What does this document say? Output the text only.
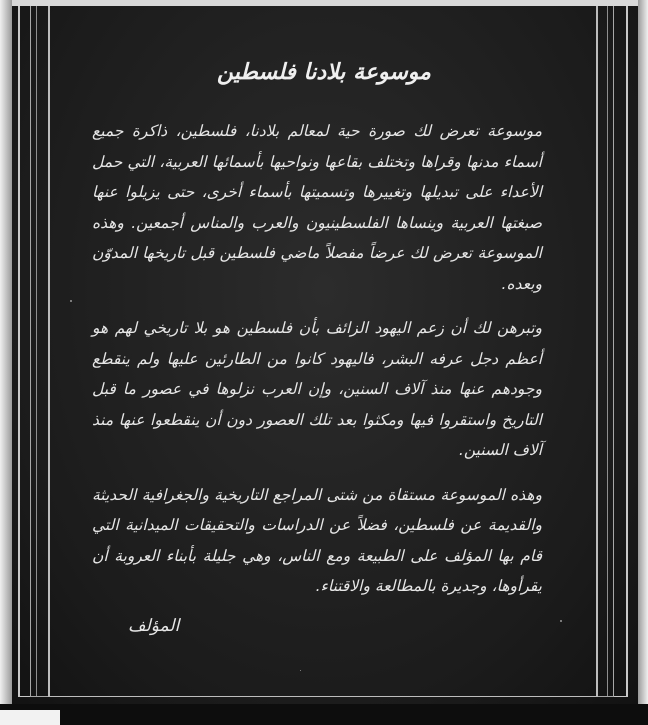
موسوعة بلادنا فلسطين

موسوعة تعرض لك صورة حية لمعالم بلادنا، فلسطين، ذاكرة جميع أسماء مدنها وقراها وتختلف بقاعها ونواحيها بأسمائها العربية، التي حمل الأعداء على تبديلها وتغييرها وتسميتها بأسماء أخرى، حتى يزيلوا عنها صبغتها العربية وينساها الفلسطينيون والعرب والمناس أجمعين. وهذه الموسوعة تعرض لك عرضاً مفصلاً ماضي فلسطين قبل تاريخها المدوّن وبعده.

وتبرهن لك أن زعم اليهود الزائف بأن فلسطين هو بلا تاريخي لهم هو أعظم دجل عرفه البشر، فاليهود كانوا من الطارئين عليها ولم ينقطع وجودهم عنها منذ آلاف السنين، وإن العرب نزلوها في عصور ما قبل التاريخ واستقروا فيها ومكثوا بعد تلك العصور دون أن ينقطعوا عنها منذ آلاف السنين.

وهذه الموسوعة مستقاة من شتى المراجع التاريخية والجغرافية الحديثة والقديمة عن فلسطين، فضلاً عن الدراسات والتحقيقات الميدانية التي قام بها المؤلف على الطبيعة ومع الناس، وهي جليلة بأبناء العروبة أن يقرأوها، وجديرة بالمطالعة والاقتناء.

المؤلف
